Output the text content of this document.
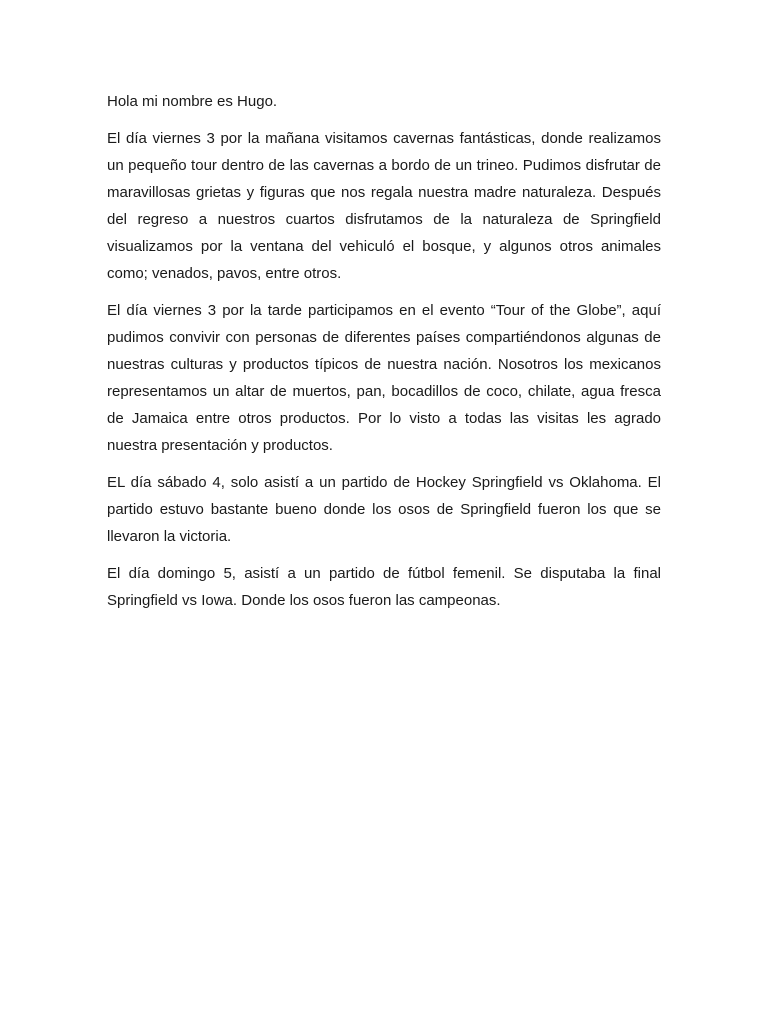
Hola mi nombre es Hugo.

El día viernes 3 por la mañana visitamos cavernas fantásticas, donde realizamos un pequeño tour dentro de las cavernas a bordo de un trineo. Pudimos disfrutar de maravillosas grietas y figuras que nos regala nuestra madre naturaleza. Después del regreso a nuestros cuartos disfrutamos de la naturaleza de Springfield visualizamos por la ventana del vehiculó el bosque, y algunos otros animales como; venados, pavos, entre otros.

El día viernes 3 por la tarde participamos en el evento “Tour of the Globe”, aquí pudimos convivir con personas de diferentes países compartiéndonos algunas de nuestras culturas y productos típicos de nuestra nación. Nosotros los mexicanos representamos un altar de muertos, pan, bocadillos de coco, chilate, agua fresca de Jamaica entre otros productos. Por lo visto a todas las visitas les agrado nuestra presentación y productos.

EL día sábado 4, solo asistí a un partido de Hockey Springfield vs Oklahoma. El partido estuvo bastante bueno donde los osos de Springfield fueron los que se llevaron la victoria.

El día domingo 5, asistí a un partido de fútbol femenil. Se disputaba la final Springfield vs Iowa. Donde los osos fueron las campeonas.
